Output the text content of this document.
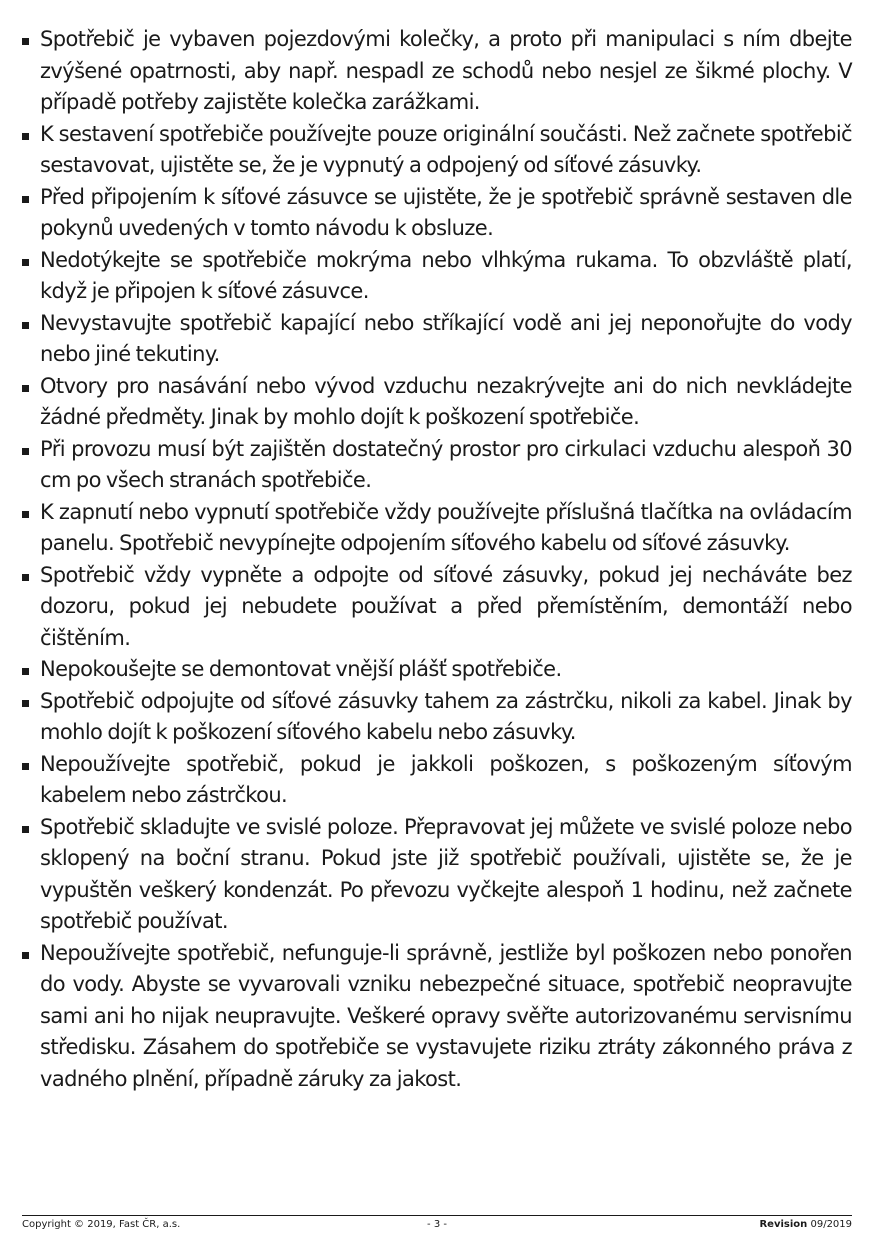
Spotřebič je vybaven pojezdovými kolečky, a proto při manipulaci s ním dbejte zvýšené opatrnosti, aby např. nespadl ze schodů nebo nesjel ze šikmé plochy. V případě potřeby zajistěte kolečka zarážkami.
K sestavení spotřebiče používejte pouze originální součásti. Než začnete spotřebič sestavovat, ujistěte se, že je vypnutý a odpojený od síťové zásuvky.
Před připojením k síťové zásuvce se ujistěte, že je spotřebič správně sestaven dle pokynů uvedených v tomto návodu k obsluze.
Nedotýkejte se spotřebiče mokrýma nebo vlhkýma rukama. To obzvláště platí, když je připojen k síťové zásuvce.
Nevystavujte spotřebič kapající nebo stříkající vodě ani jej neponořujte do vody nebo jiné tekutiny.
Otvory pro nasávání nebo vývod vzduchu nezakrývejte ani do nich nevkládejte žádné předměty. Jinak by mohlo dojít k poškození spotřebiče.
Při provozu musí být zajištěn dostatečný prostor pro cirkulaci vzduchu alespoň 30 cm po všech stranách spotřebiče.
K zapnutí nebo vypnutí spotřebiče vždy používejte příslušná tlačítka na ovládacím panelu. Spotřebič nevypínejte odpojením síťového kabelu od síťové zásuvky.
Spotřebič vždy vypněte a odpojte od síťové zásuvky, pokud jej necháváte bez dozoru, pokud jej nebudete používat a před přemístěním, demontáží nebo čištěním.
Nepokoušejte se demontovat vnější plášť spotřebiče.
Spotřebič odpojujte od síťové zásuvky tahem za zástrčku, nikoli za kabel. Jinak by mohlo dojít k poškození síťového kabelu nebo zásuvky.
Nepoužívejte spotřebič, pokud je jakkoli poškozen, s poškozeným síťovým kabelem nebo zástrčkou.
Spotřebič skladujte ve svislé poloze. Přepravovat jej můžete ve svislé poloze nebo sklopený na boční stranu. Pokud jste již spotřebič používali, ujistěte se, že je vypuštěn veškerý kondenzát. Po převozu vyčkejte alespoň 1 hodinu, než začnete spotřebič používat.
Nepoužívejte spotřebič, nefunguje-li správně, jestliže byl poškozen nebo ponořen do vody. Abyste se vyvarovali vzniku nebezpečné situace, spotřebič neopravujte sami ani ho nijak neupravujte. Veškeré opravy svěřte autorizovanému servisnímu středisku. Zásahem do spotřebiče se vystavujete riziku ztráty zákonného práva z vadného plnění, případně záruky za jakost.
Copyright © 2019, Fast ČR, a.s.	- 3 -	Revision 09/2019
